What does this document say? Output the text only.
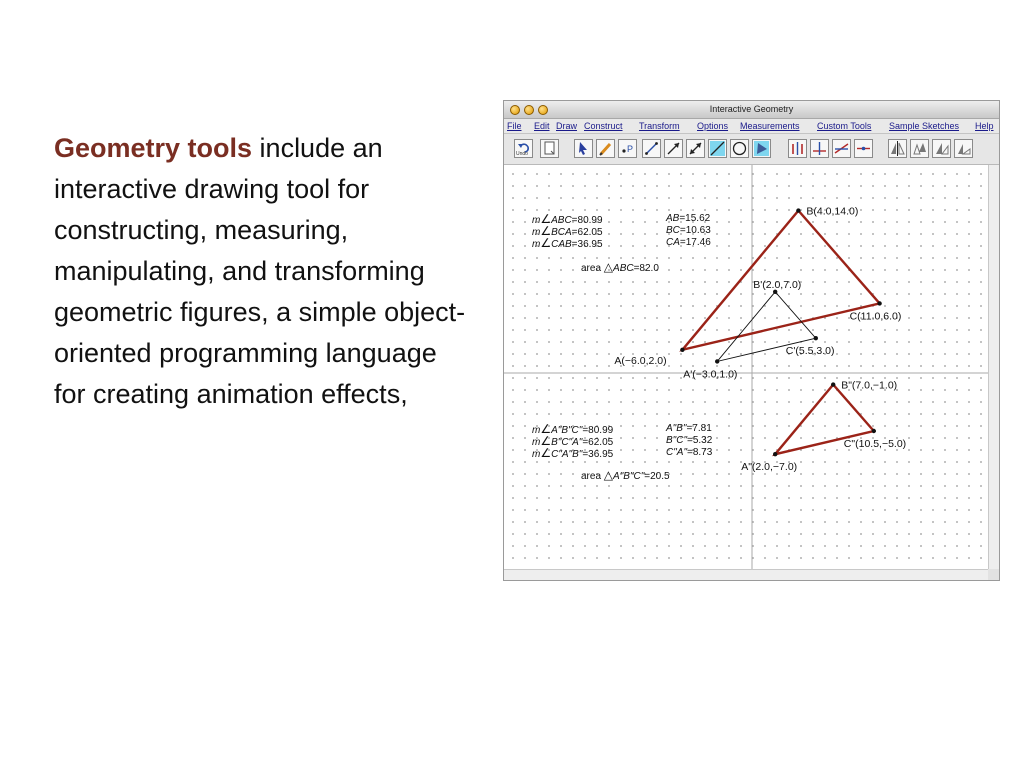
Geometry tools include an interactive drawing tool for constructing, measuring, manipulating, and transforming geometric figures, a simple object-oriented programming language for creating animation effects,
Interactive Geometry
File Edit Draw Construct Transform Options Measurements Custom Tools Sample Sketches Help
Undo	P
A(−6.0,2.0)
B(4.0,14.0)
C(11.0,6.0)
A'(−3.0,1.0)
B'(2.0,7.0)
C'(5.5,3.0)
A"(2.0,−7.0)
B"(7.0,−1.0)
C"(10.5,−5.0)
m∠ABC=80.99
m∠BCA=62.05
m∠CAB=36.95
AB=15.62
BC=10.63
CA=17.46
area △ABC=82.0
m∠A"B"C"=80.99
m∠B"C"A"=62.05
m∠C"A"B"=36.95
A"B"=7.81
B"C"=5.32
C"A"=8.73
area △A"B"C"=20.5
